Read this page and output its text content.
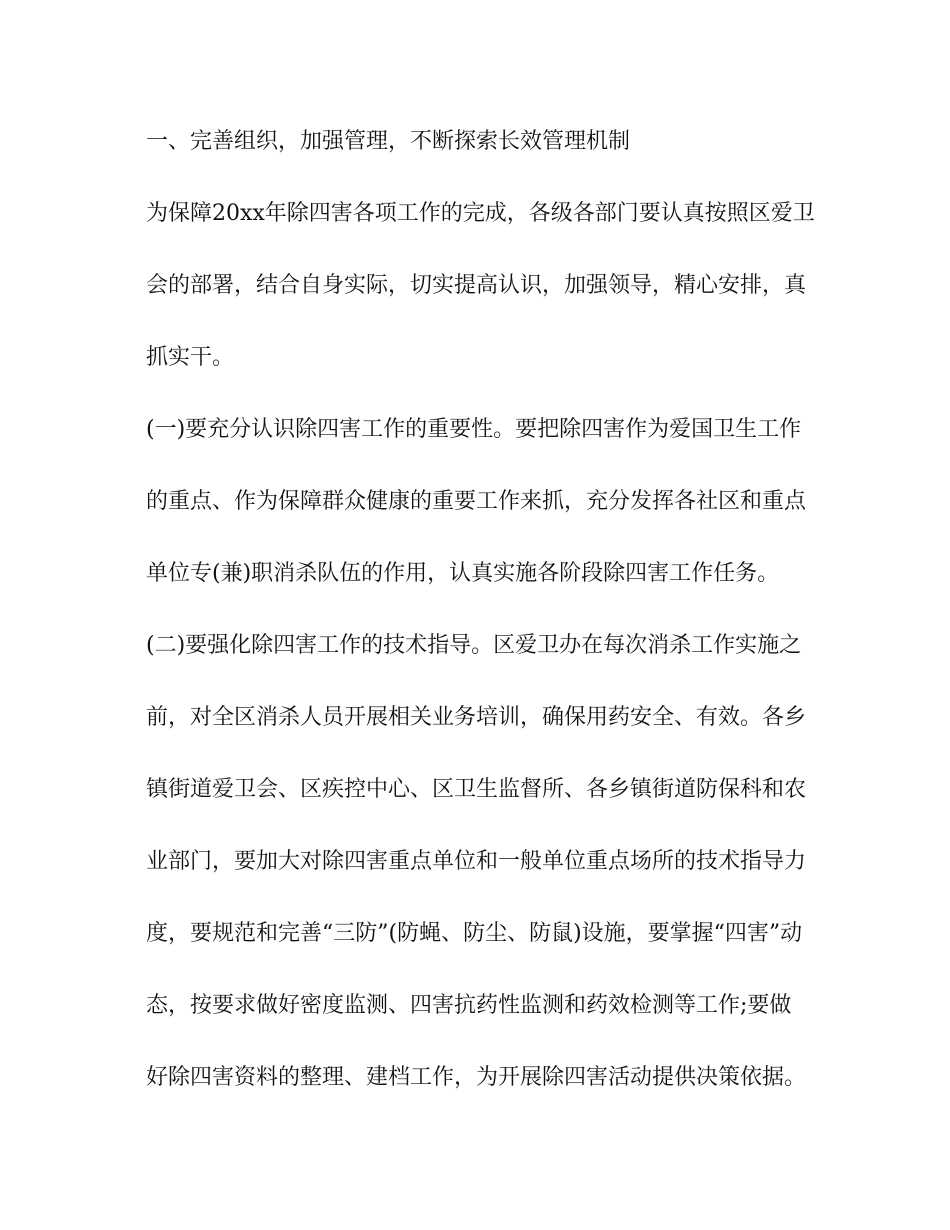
一、完善组织，加强管理，不断探索长效管理机制
为保障20xx年除四害各项工作的完成，各级各部门要认真按照区爱卫
会的部署，结合自身实际，切实提高认识，加强领导，精心安排，真
抓实干。
(一)要充分认识除四害工作的重要性。要把除四害作为爱国卫生工作
的重点、作为保障群众健康的重要工作来抓，充分发挥各社区和重点
单位专(兼)职消杀队伍的作用，认真实施各阶段除四害工作任务。
(二)要强化除四害工作的技术指导。区爱卫办在每次消杀工作实施之
前，对全区消杀人员开展相关业务培训，确保用药安全、有效。各乡
镇街道爱卫会、区疾控中心、区卫生监督所、各乡镇街道防保科和农
业部门，要加大对除四害重点单位和一般单位重点场所的技术指导力
度，要规范和完善“三防”(防蝇、防尘、防鼠)设施，要掌握“四害”动
态，按要求做好密度监测、四害抗药性监测和药效检测等工作;要做
好除四害资料的整理、建档工作，为开展除四害活动提供决策依据。
